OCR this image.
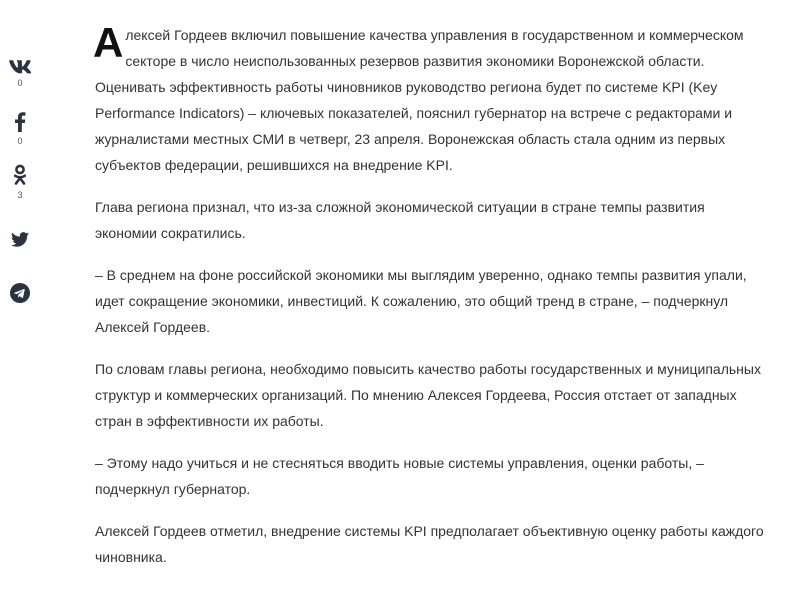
0
0
3

Алексей Гордеев включил повышение качества управления в государственном и коммерческом секторе в число неиспользованных резервов развития экономики Воронежской области. Оценивать эффективность работы чиновников руководство региона будет по системе KPI (Key Performance Indicators) – ключевых показателей, пояснил губернатор на встрече с редакторами и журналистами местных СМИ в четверг, 23 апреля. Воронежская область стала одним из первых субъектов федерации, решившихся на внедрение KPI.

Глава региона признал, что из-за сложной экономической ситуации в стране темпы развития экономии сократились.

– В среднем на фоне российской экономики мы выглядим уверенно, однако темпы развития упали, идет сокращение экономики, инвестиций. К сожалению, это общий тренд в стране, – подчеркнул Алексей Гордеев.

По словам главы региона, необходимо повысить качество работы государственных и муниципальных структур и коммерческих организаций. По мнению Алексея Гордеева, Россия отстает от западных стран в эффективности их работы.

– Этому надо учиться и не стесняться вводить новые системы управления, оценки работы, – подчеркнул губернатор.

Алексей Гордеев отметил, внедрение системы KPI предполагает объективную оценку работы каждого чиновника.
